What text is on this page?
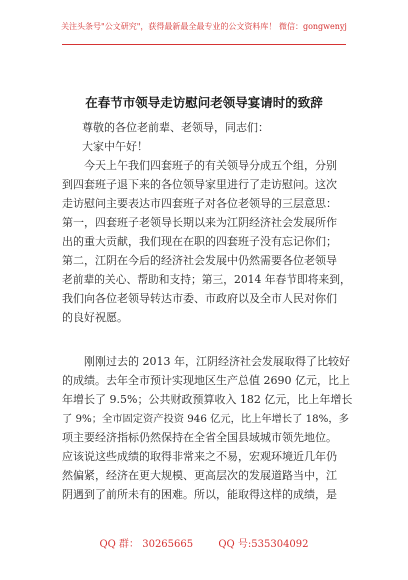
关注头条号"公文研究"，获得最新最全最专业的公文资料库！ 微信：gongwenyj
在春节市领导走访慰问老领导宴请时的致辞
尊敬的各位老前辈、老领导，同志们：
大家中午好！
今天上午我们四套班子的有关领导分成五个组，分别
到四套班子退下来的各位领导家里进行了走访慰问。这次
走访慰问主要表达市四套班子对各位老领导的三层意思：
第一，四套班子老领导长期以来为江阴经济社会发展所作
出的重大贡献，我们现在在职的四套班子没有忘记你们；
第二，江阴在今后的经济社会发展中仍然需要各位老领导
老前辈的关心、帮助和支持；第三，2014 年春节即将来到，
我们向各位老领导转达市委、市政府以及全市人民对你们
的良好祝愿。
刚刚过去的 2013 年，江阴经济社会发展取得了比较好
的成绩。去年全市预计实现地区生产总值 2690 亿元，比上
年增长了 9.5%；公共财政预算收入 182 亿元，比上年增长
了 9%；全市固定资产投资 946 亿元，比上年增长了 18%，多
项主要经济指标仍然保持在全省全国县域城市领先地位。
应该说这些成绩的取得非常来之不易，宏观环境近几年仍
然偏紧，经济在更大规模、更高层次的发展道路当中，江
阴遇到了前所未有的困难。所以，能取得这样的成绩，是
QQ 群： 30265665	QQ 号:535304092
